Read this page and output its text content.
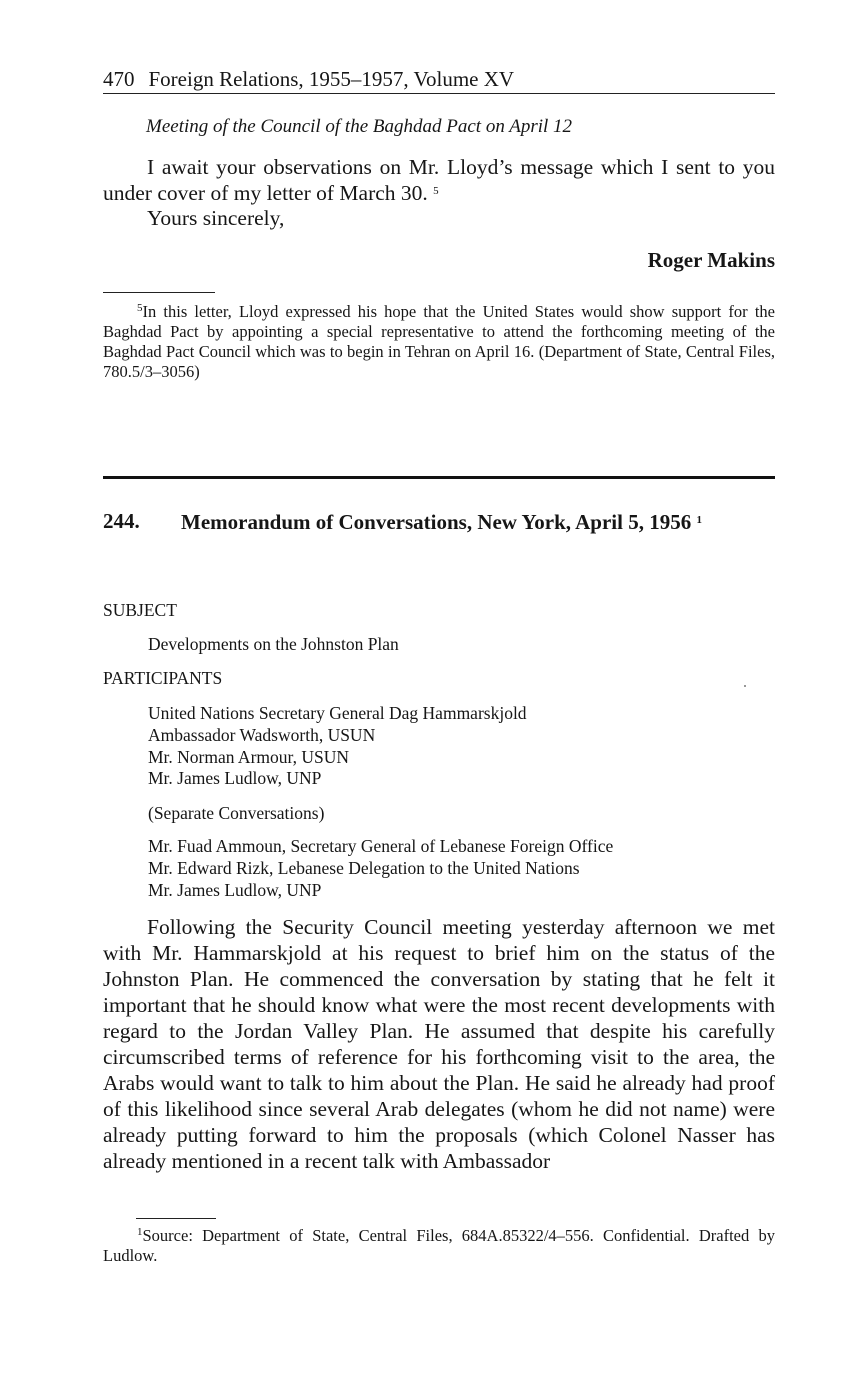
470 Foreign Relations, 1955–1957, Volume XV
Meeting of the Council of the Baghdad Pact on April 12

I await your observations on Mr. Lloyd’s message which I sent to you under cover of my letter of March 30. $^5$

Yours sincerely,
Roger Makins

$^5$In this letter, Lloyd expressed his hope that the United States would show support for the Baghdad Pact by appointing a special representative to attend the forthcoming meeting of the Baghdad Pact Council which was to begin in Tehran on April 16. (Department of State, Central Files, 780.5/3–3056)

244. Memorandum of Conversations, New York, April 5, 1956 $^1$
SUBJECT
Developments on the Johnston Plan
PARTICIPANTS
United Nations Secretary General Dag Hammarskjold
Ambassador Wadsworth, USUN
Mr. Norman Armour, USUN
Mr. James Ludlow, UNP
(Separate Conversations)
Mr. Fuad Ammoun, Secretary General of Lebanese Foreign Office
Mr. Edward Rizk, Lebanese Delegation to the United Nations
Mr. James Ludlow, UNP

Following the Security Council meeting yesterday afternoon we met with Mr. Hammarskjold at his request to brief him on the status of the Johnston Plan. He commenced the conversation by stating that he felt it important that he should know what were the most recent developments with regard to the Jordan Valley Plan. He assumed that despite his carefully circumscribed terms of reference for his forthcoming visit to the area, the Arabs would want to talk to him about the Plan. He said he already had proof of this likelihood since several Arab delegates (whom he did not name) were already putting forward to him the proposals (which Colonel Nasser has already mentioned in a recent talk with Ambassador

$^1$Source: Department of State, Central Files, 684A.85322/4–556. Confidential. Drafted by Ludlow.
